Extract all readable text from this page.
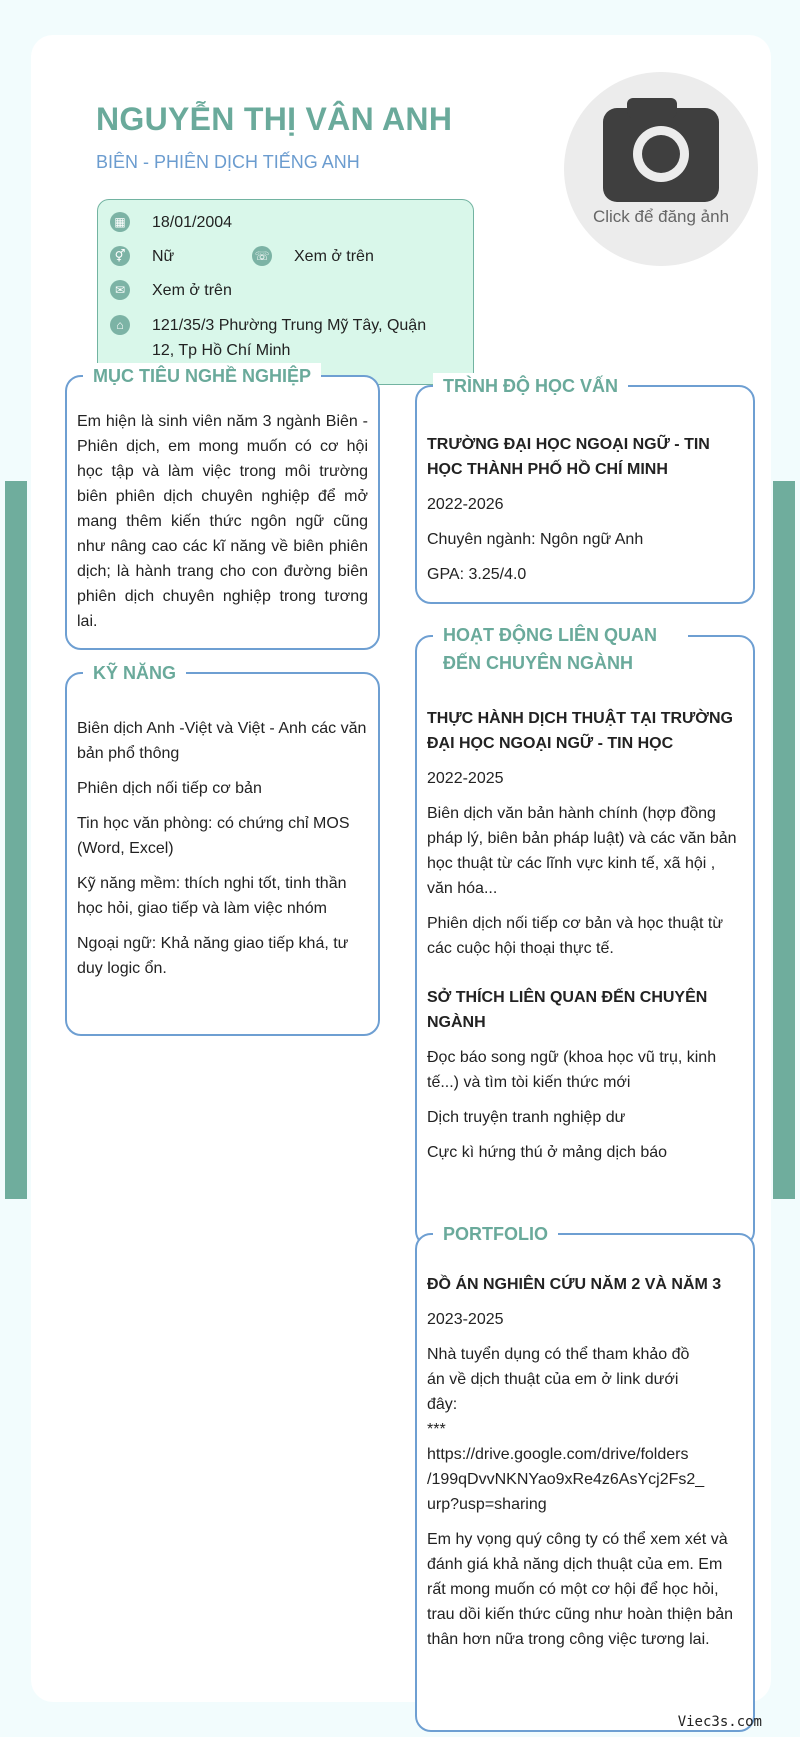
NGUYỄN THỊ VÂN ANH
BIÊN - PHIÊN DỊCH TIẾNG ANH
Click để đăng ảnh
▦ 18/01/2004
⚥ Nữ	☏ Xem ở trên
✉	Xem ở trên
⌂	121/35/3 Phường Trung Mỹ Tây, Quận
12, Tp Hồ Chí Minh
MỤC TIÊU NGHỀ NGHIỆP

Em hiện là sinh viên năm 3 ngành Biên - Phiên dịch, em mong muốn có cơ hội học tập và làm việc trong môi trường biên phiên dịch chuyên nghiệp để mở mang thêm kiến thức ngôn ngữ cũng như nâng cao các kĩ năng về biên phiên dịch; là hành trang cho con đường biên phiên dịch chuyên nghiệp trong tương lai.

KỸ NĂNG

Biên dịch Anh -Việt và Việt - Anh các văn bản phổ thông

Phiên dịch nối tiếp cơ bản

Tin học văn phòng: có chứng chỉ MOS (Word, Excel)

Kỹ năng mềm: thích nghi tốt, tinh thần học hỏi, giao tiếp và làm việc nhóm

Ngoại ngữ: Khả năng giao tiếp khá, tư duy logic ổn.

TRÌNH ĐỘ HỌC VẤN

TRƯỜNG ĐẠI HỌC NGOẠI NGỮ - TIN HỌC THÀNH PHỐ HỒ CHÍ MINH

2022-2026

Chuyên ngành: Ngôn ngữ Anh

GPA: 3.25/4.0

HOẠT ĐỘNG LIÊN QUAN ĐẾN CHUYÊN NGÀNH

THỰC HÀNH DỊCH THUẬT TẠI TRƯỜNG ĐẠI HỌC NGOẠI NGỮ - TIN HỌC

2022-2025

Biên dịch văn bản hành chính (hợp đồng pháp lý, biên bản pháp luật) và các văn bản học thuật từ các lĩnh vực kinh tế, xã hội , văn hóa...

Phiên dịch nối tiếp cơ bản và học thuật từ các cuộc hội thoại thực tế.

SỞ THÍCH LIÊN QUAN ĐẾN CHUYÊN NGÀNH

Đọc báo song ngữ (khoa học vũ trụ, kinh tế...) và tìm tòi kiến thức mới

Dịch truyện tranh nghiệp dư

Cực kì hứng thú ở mảng dịch báo

PORTFOLIO

ĐỒ ÁN NGHIÊN CỨU NĂM 2 VÀ NĂM 3

2023-2025

Nhà tuyển dụng có thể tham khảo đồ
án về dịch thuật của em ở link dưới
đây:
***
https://drive.google.com/drive/folders
/199qDvvNKNYao9xRe4z6AsYcj2Fs2_
urp?usp=sharing

Em hy vọng quý công ty có thể xem xét và đánh giá khả năng dịch thuật của em. Em rất mong muốn có một cơ hội để học hỏi, trau dồi kiến thức cũng như hoàn thiện bản thân hơn nữa trong công việc tương lai.

Viec3s.com
